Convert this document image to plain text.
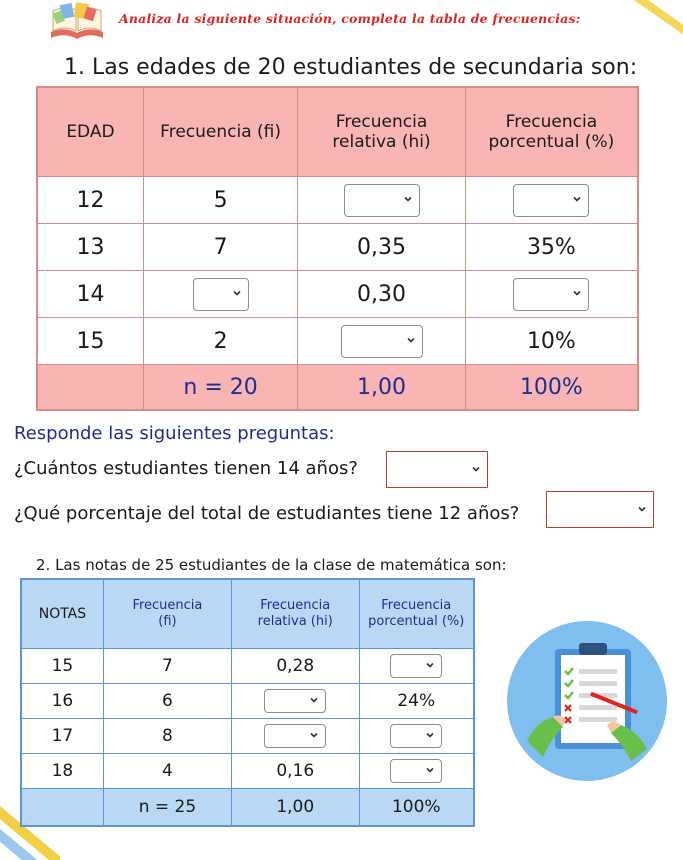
Analiza la siguiente situación, completa la tabla de frecuencias:
1. Las edades de 20 estudiantes de secundaria son:
EDAD	Frecuencia (fi)	Frecuencia relativa (hi)	Frecuencia porcentual (%)
12	5	

13	7	0,35	35%
14		0,30	

15	2		10%
	n = 20	1,00	100%
Responde las siguientes preguntas:
¿Cuántos estudiantes tienen 14 años?
¿Qué porcentaje del total de estudiantes tiene 12 años?
2. Las notas de 25 estudiantes de la clase de matemática son:
NOTAS	Frecuencia (fi)	Frecuencia relativa (hi)	Frecuencia porcentual (%)
15	7	0,28	

16	6		24%
17	8	

18	4	0,16	

	n = 25	1,00	100%
